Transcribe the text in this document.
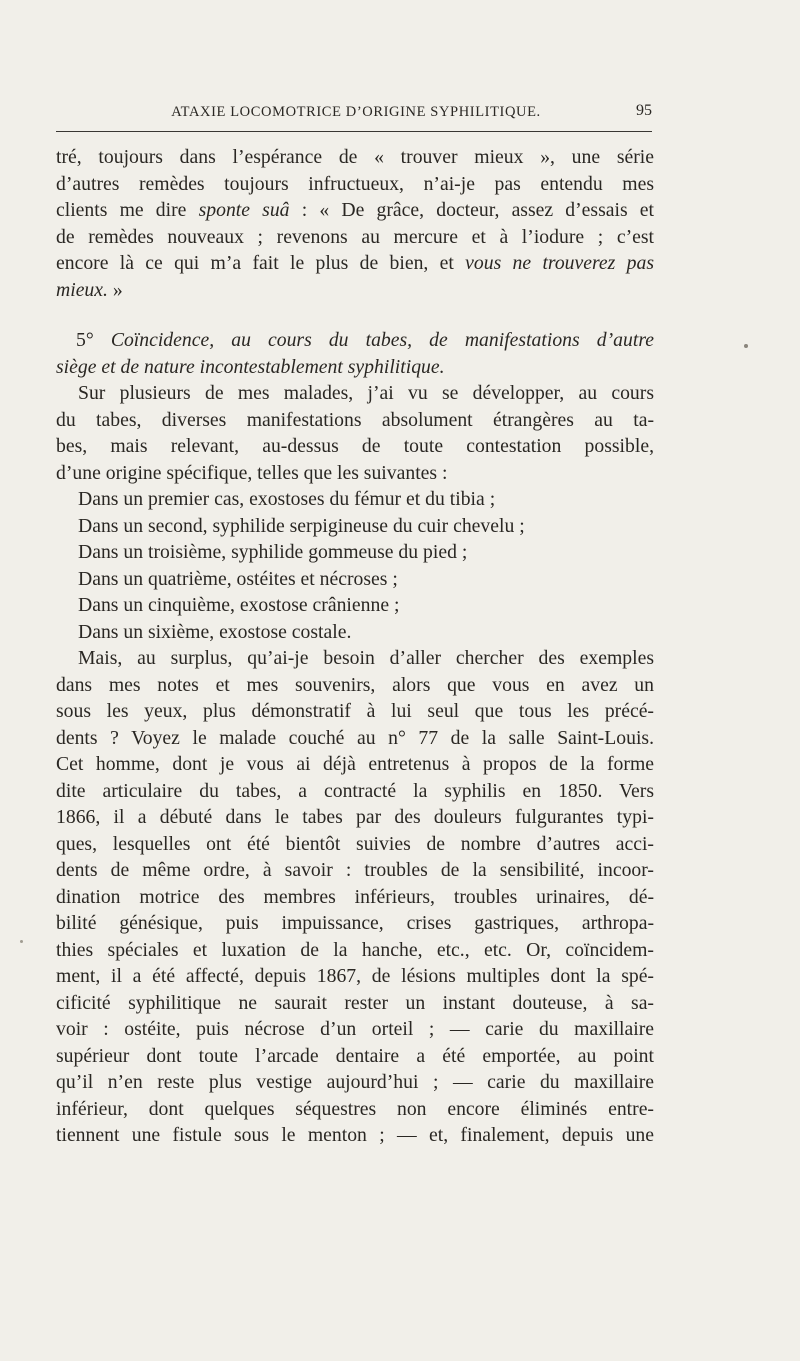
ATAXIE LOCOMOTRICE D’ORIGINE SYPHILITIQUE.	95
tré, toujours dans l’espérance de « trouver mieux », une série
d’autres remèdes toujours infructueux, n’ai-je pas entendu mes
clients me dire sponte suâ : « De grâce, docteur, assez d’essais et
de remèdes nouveaux ; revenons au mercure et à l’iodure ; c’est
encore là ce qui m’a fait le plus de bien, et vous ne trouverez pas
mieux. »
5° Coïncidence, au cours du tabes, de manifestations d’autre
siège et de nature incontestablement syphilitique.
Sur plusieurs de mes malades, j’ai vu se développer, au cours
du tabes, diverses manifestations absolument étrangères au ta-
bes, mais relevant, au-dessus de toute contestation possible,
d’une origine spécifique, telles que les suivantes :
Dans un premier cas, exostoses du fémur et du tibia ;
Dans un second, syphilide serpigineuse du cuir chevelu ;
Dans un troisième, syphilide gommeuse du pied ;
Dans un quatrième, ostéites et nécroses ;
Dans un cinquième, exostose crânienne ;
Dans un sixième, exostose costale.
Mais, au surplus, qu’ai-je besoin d’aller chercher des exemples
dans mes notes et mes souvenirs, alors que vous en avez un
sous les yeux, plus démonstratif à lui seul que tous les précé-
dents ? Voyez le malade couché au n° 77 de la salle Saint-Louis.
Cet homme, dont je vous ai déjà entretenus à propos de la forme
dite articulaire du tabes, a contracté la syphilis en 1850. Vers
1866, il a débuté dans le tabes par des douleurs fulgurantes typi-
ques, lesquelles ont été bientôt suivies de nombre d’autres acci-
dents de même ordre, à savoir : troubles de la sensibilité, incoor-
dination motrice des membres inférieurs, troubles urinaires, dé-
bilité génésique, puis impuissance, crises gastriques, arthropa-
thies spéciales et luxation de la hanche, etc., etc. Or, coïncidem-
ment, il a été affecté, depuis 1867, de lésions multiples dont la spé-
cificité syphilitique ne saurait rester un instant douteuse, à sa-
voir : ostéite, puis nécrose d’un orteil ; — carie du maxillaire
supérieur dont toute l’arcade dentaire a été emportée, au point
qu’il n’en reste plus vestige aujourd’hui ; — carie du maxillaire
inférieur, dont quelques séquestres non encore éliminés entre-
tiennent une fistule sous le menton ; — et, finalement, depuis une
